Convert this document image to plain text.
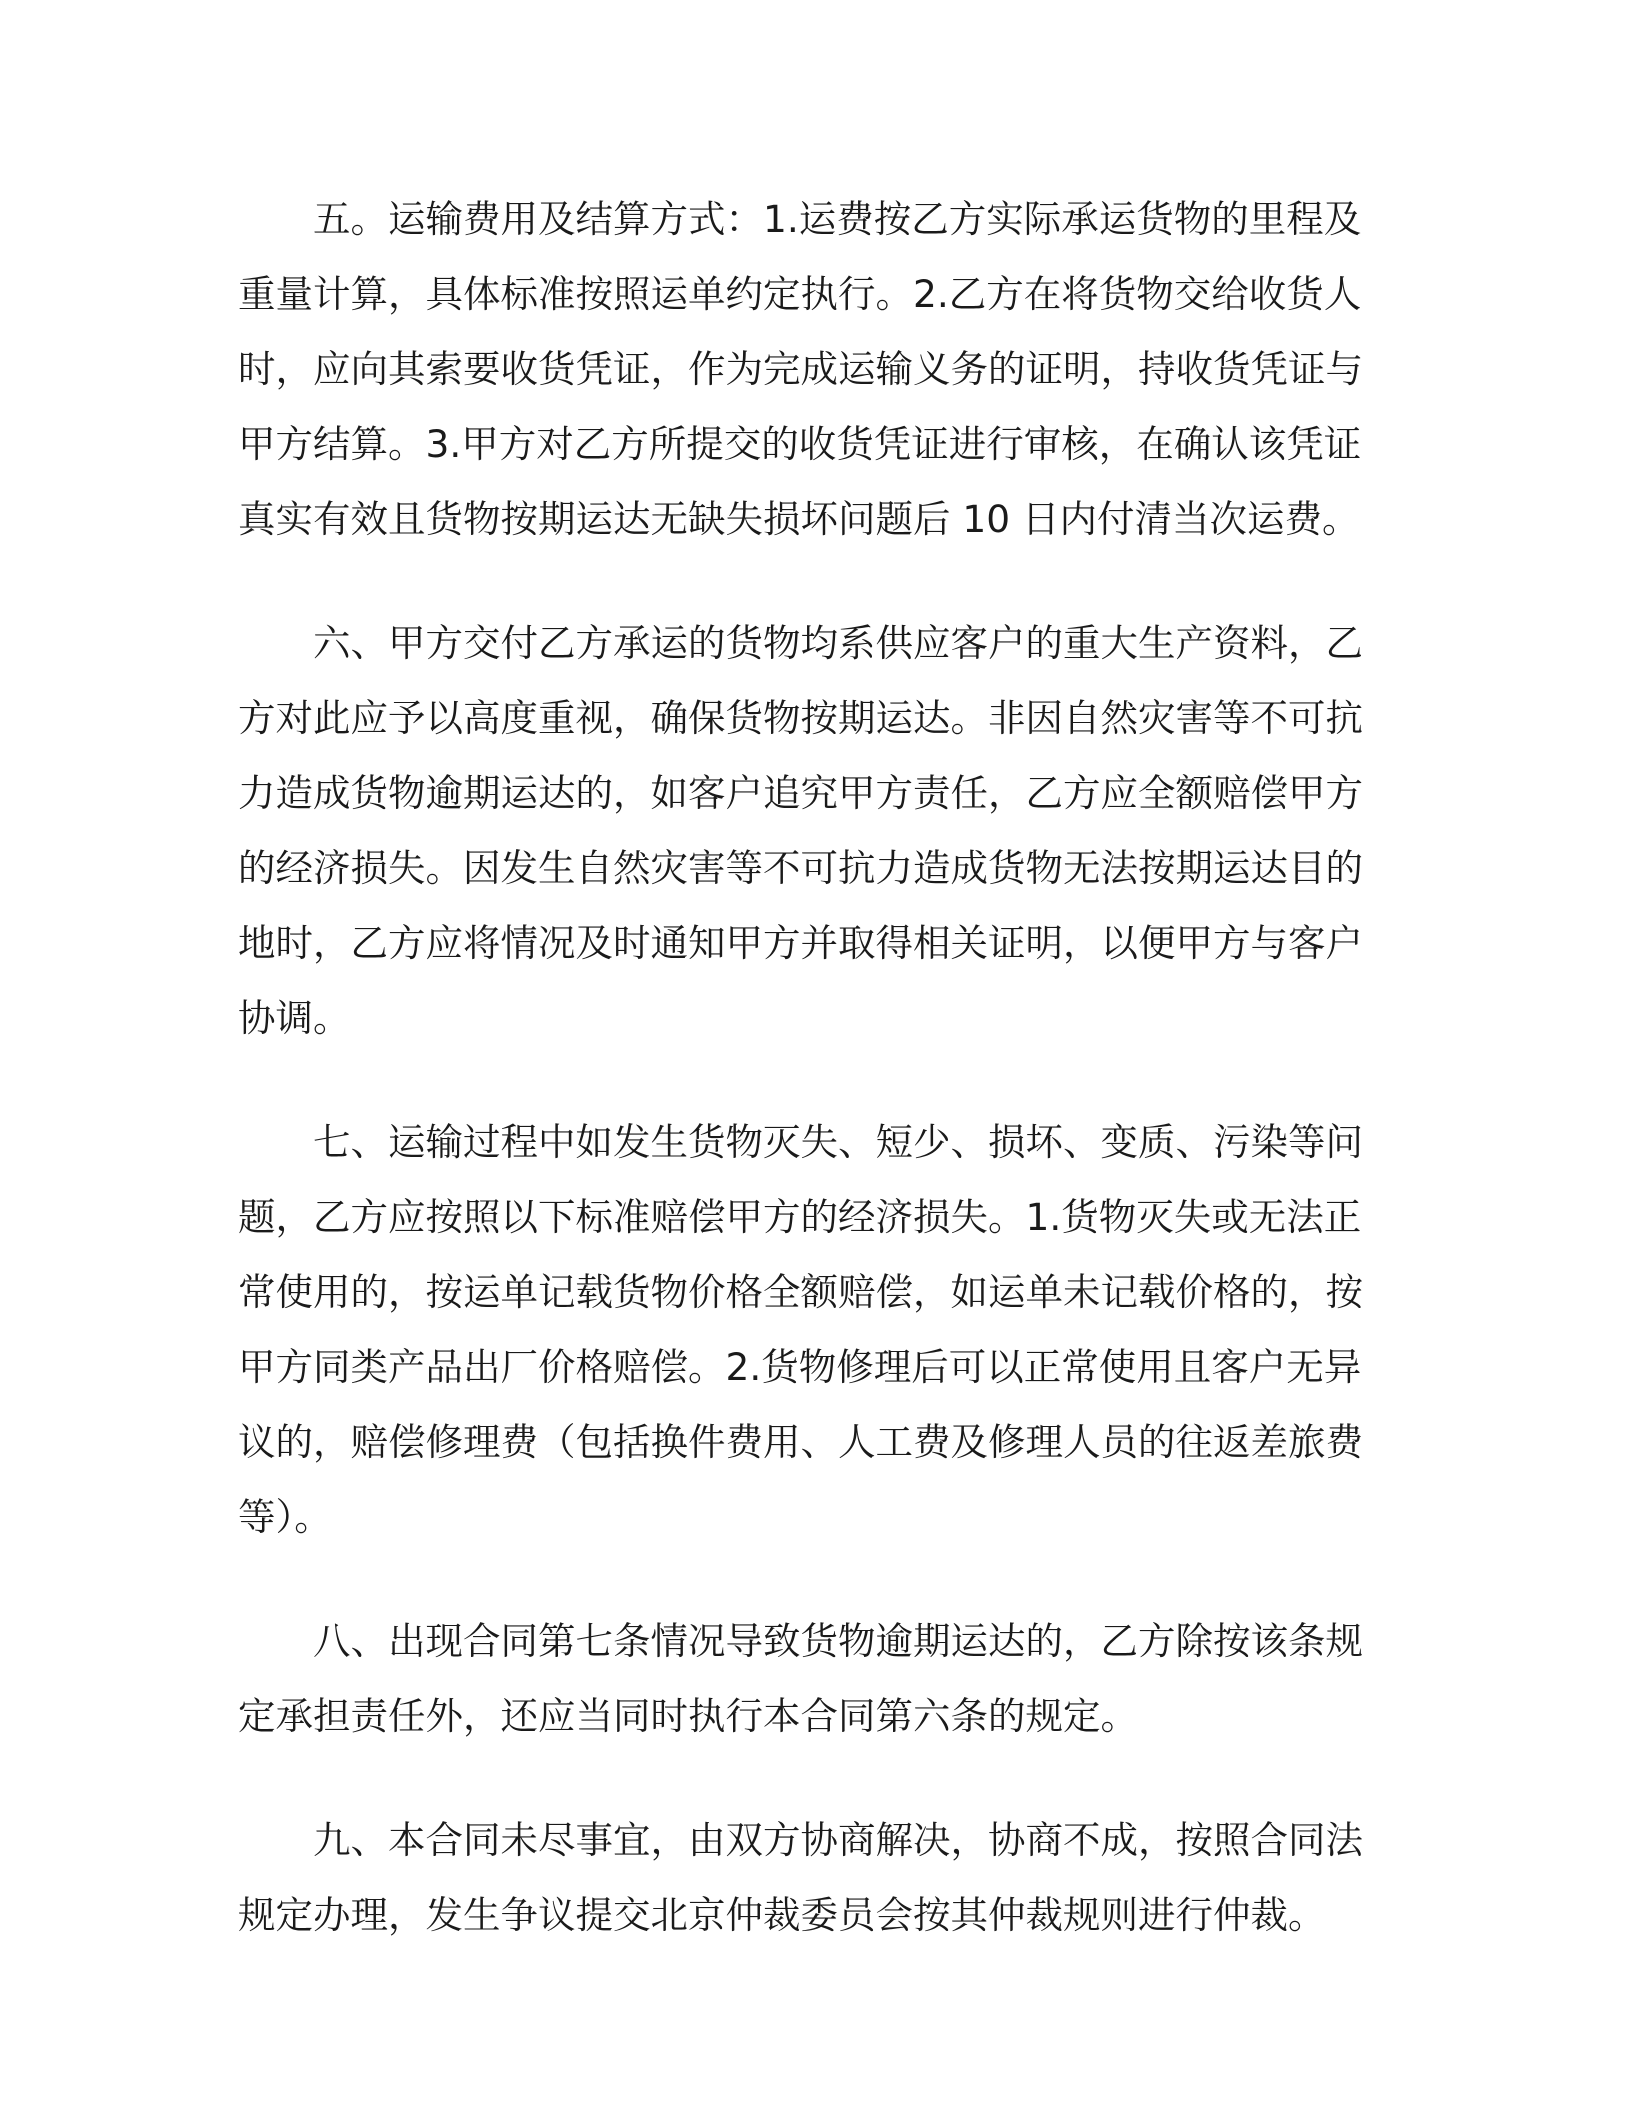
五。运输费用及结算方式：1.运费按乙方实际承运货物的里程及
重量计算，具体标准按照运单约定执行。2.乙方在将货物交给收货人
时，应向其索要收货凭证，作为完成运输义务的证明，持收货凭证与
甲方结算。3.甲方对乙方所提交的收货凭证进行审核，在确认该凭证
真实有效且货物按期运达无缺失损坏问题后 10 日内付清当次运费。
六、甲方交付乙方承运的货物均系供应客户的重大生产资料，乙
方对此应予以高度重视，确保货物按期运达。非因自然灾害等不可抗
力造成货物逾期运达的，如客户追究甲方责任，乙方应全额赔偿甲方
的经济损失。因发生自然灾害等不可抗力造成货物无法按期运达目的
地时，乙方应将情况及时通知甲方并取得相关证明，以便甲方与客户
协调。
七、运输过程中如发生货物灭失、短少、损坏、变质、污染等问
题，乙方应按照以下标准赔偿甲方的经济损失。1.货物灭失或无法正
常使用的，按运单记载货物价格全额赔偿，如运单未记载价格的，按
甲方同类产品出厂价格赔偿。2.货物修理后可以正常使用且客户无异
议的，赔偿修理费（包括换件费用、人工费及修理人员的往返差旅费
等）。
八、出现合同第七条情况导致货物逾期运达的，乙方除按该条规
定承担责任外，还应当同时执行本合同第六条的规定。
九、本合同未尽事宜，由双方协商解决，协商不成，按照合同法
规定办理，发生争议提交北京仲裁委员会按其仲裁规则进行仲裁。
